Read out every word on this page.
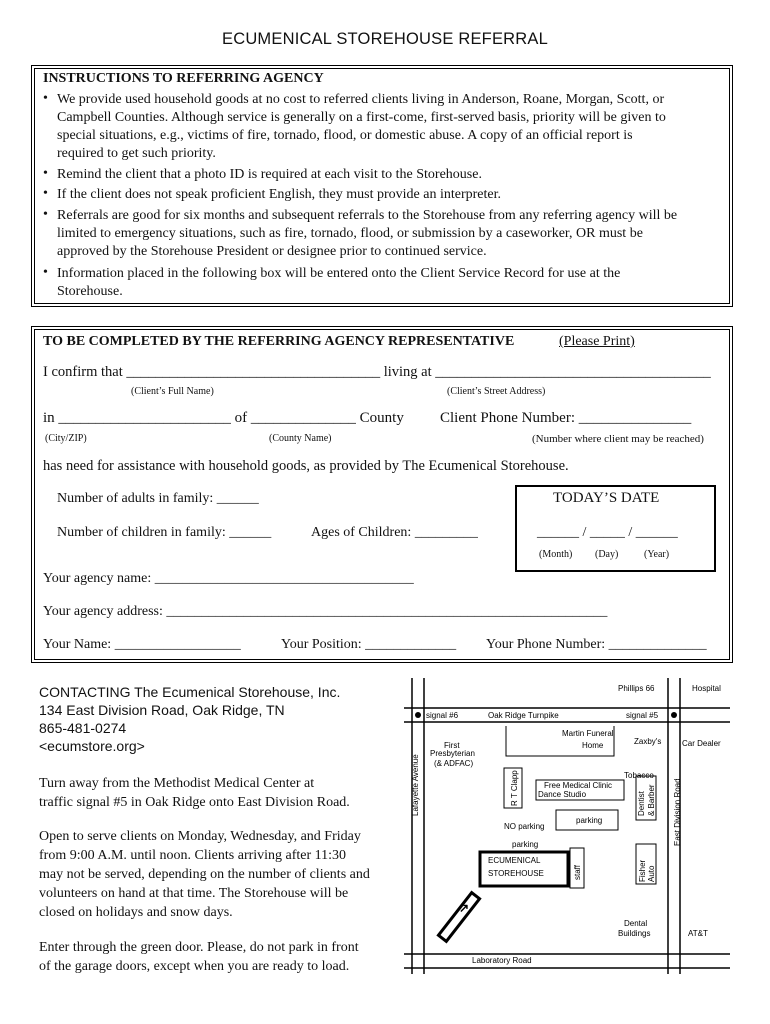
ECUMENICAL STOREHOUSE REFERRAL
INSTRUCTIONS TO REFERRING AGENCY
• We provide used household goods at no cost to referred clients living in Anderson, Roane, Morgan, Scott, or
Campbell Counties. Although service is generally on a first-come, first-served basis, priority will be given to
special situations, e.g., victims of fire, tornado, flood, or domestic abuse. A copy of an official report is
required to get such priority.
• Remind the client that a photo ID is required at each visit to the Storehouse.
• If the client does not speak proficient English, they must provide an interpreter.
• Referrals are good for six months and subsequent referrals to the Storehouse from any referring agency will be
limited to emergency situations, such as fire, tornado, flood, or submission by a caseworker, OR must be
approved by the Storehouse President or designee prior to continued service.
• Information placed in the following box will be entered onto the Client Service Record for use at the
Storehouse.
TO BE COMPLETED BY THE REFERRING AGENCY REPRESENTATIVE	(Please Print)
I confirm that ___________________________________ living at ______________________________________
(Client’s Full Name)	(Client’s Street Address)
in _______________________ of ______________ County Client Phone Number: _______________
(City/ZIP)	(County Name)	(Number where client may be reached)
has need for assistance with household goods, as provided by The Ecumenical Storehouse.
Number of adults in family: ______
Number of children in family: ______	Ages of Children: _________
TODAY’S DATE
______ / _____ / ______
(Month) (Day)	(Year)
Your agency name: _____________________________________
Your agency address: _______________________________________________________________
Your Name: __________________	Your Position: _____________ Your Phone Number: ______________
CONTACTING The Ecumenical Storehouse, Inc.
134 East Division Road, Oak Ridge, TN
865-481-0274
<ecumstore.org>
Turn away from the Methodist Medical Center at
traffic signal #5 in Oak Ridge onto East Division Road.
Open to serve clients on Monday, Wednesday, and Friday
from 9:00 A.M. until noon. Clients arriving after 11:30
may not be served, depending on the number of clients and
volunteers on hand at that time. The Storehouse will be
closed on holidays and snow days.
Enter through the green door. Please, do not park in front
of the garage doors, except when you are ready to load.
↗
Phillips 66	Hospital
signal #6	Oak Ridge Turnpike	signal #5
Martin Funeral
Home	Zaxby's	Car Dealer
First
Presbyterian
(& ADFAC)
Tobacco
Lafayette Avenue	R T Clapp	Free Medical Clinic
Dance Studio	Dentist & Barber East Division Road
NO parking
parking
parking
ECUMENICAL
STOREHOUSE	staff	Fisher Auto
Dental
Buildings	AT&T
Laboratory Road
